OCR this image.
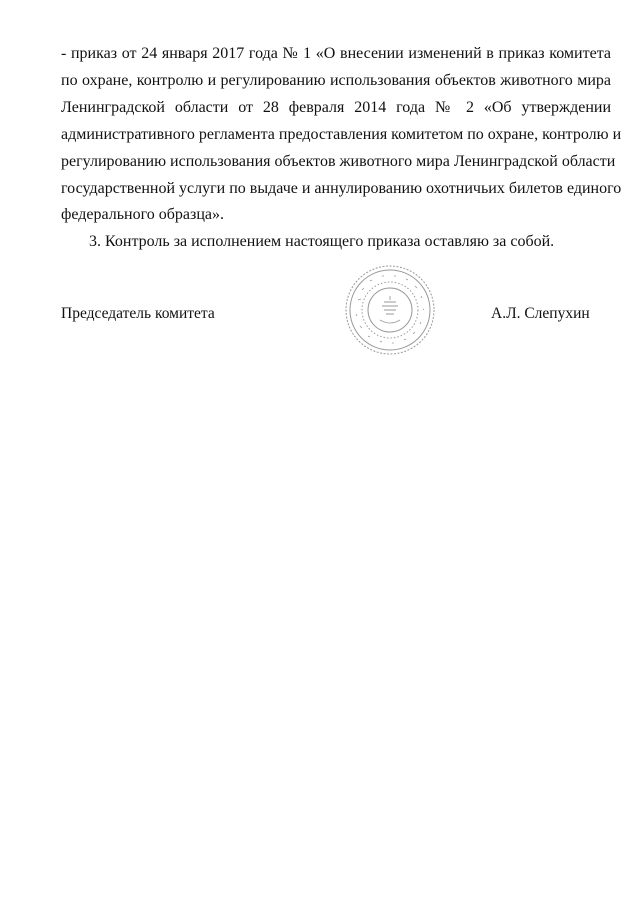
- приказ от 24 января 2017 года № 1 «О внесении изменений в приказ комитета
по охране, контролю и регулированию использования объектов животного мира
Ленинградской области от 28 февраля 2014 года № 2 «Об утверждении
административного регламента предоставления комитетом по охране, контролю и
регулированию использования объектов животного мира Ленинградской области
государственной услуги по выдаче и аннулированию охотничьих билетов единого
федерального образца».
3. Контроль за исполнением настоящего приказа оставляю за собой.
Председатель комитета	А.Л. Слепухин
